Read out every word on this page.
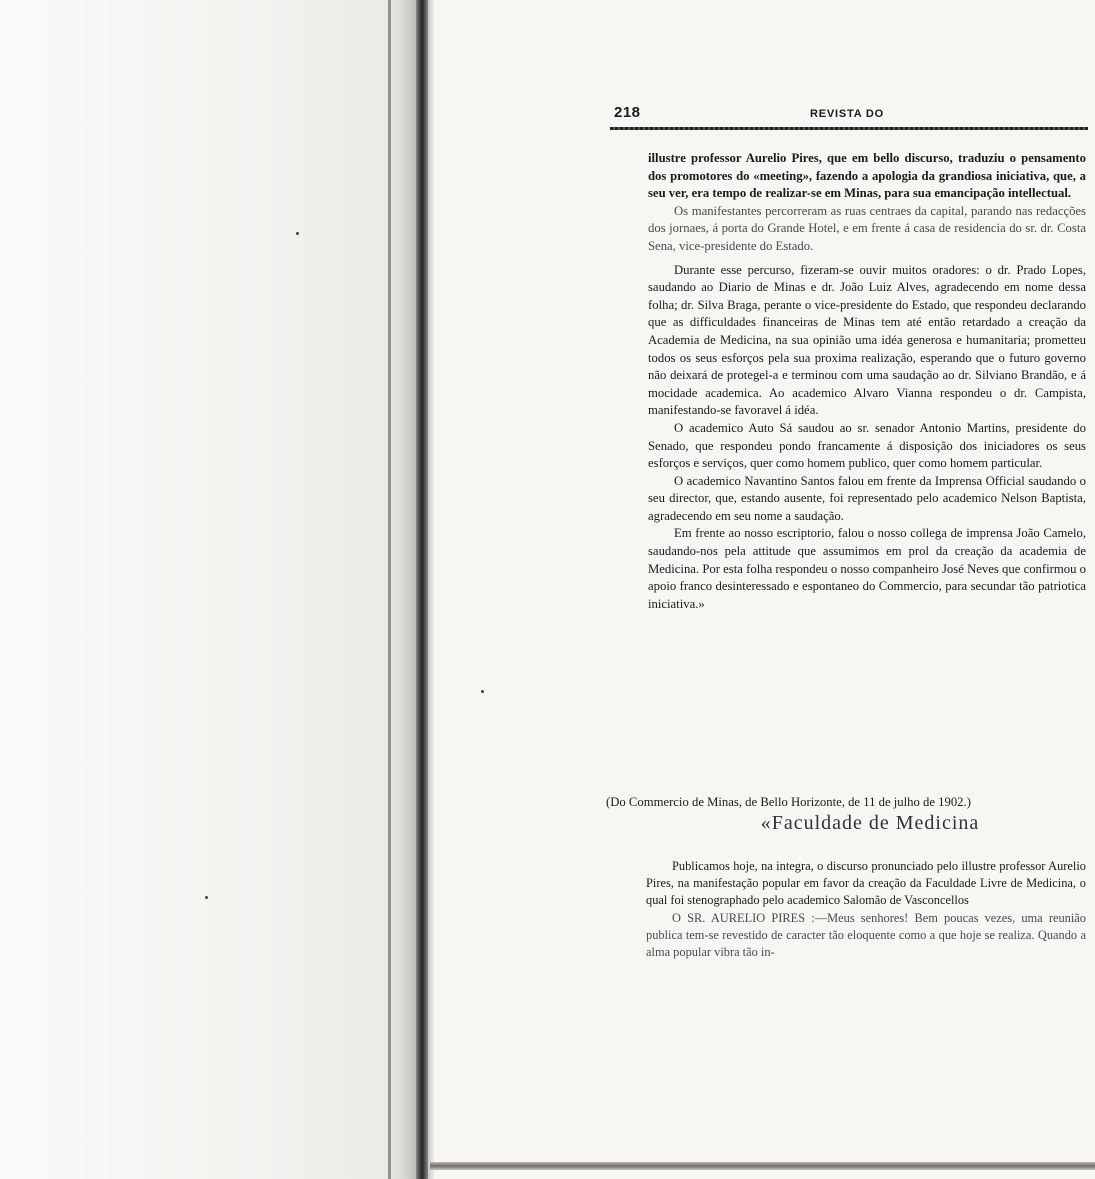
218	REVISTA DO

illustre professor Aurelio Pires, que em bello discurso, traduziu o pensamento dos promotores do «meeting», fazendo a apologia da grandiosa iniciativa, que, a seu ver, era tempo de realizar-se em Minas, para sua emancipação intellectual.

Os manifestantes percorreram as ruas centraes da capital, parando nas redacções dos jornaes, á porta do Grande Hotel, e em frente á casa de residencia do sr. dr. Costa Sena, vice-presidente do Estado.

Durante esse percurso, fizeram-se ouvir muitos oradores: o dr. Prado Lopes, saudando ao Diario de Minas e dr. João Luiz Alves, agradecendo em nome dessa folha; dr. Silva Braga, perante o vice-presidente do Estado, que respondeu declarando que as difficuldades financeiras de Minas tem até então retardado a creação da Academia de Medicina, na sua opinião uma idéa generosa e humanitaria; prometteu todos os seus esforços pela sua proxima realização, esperando que o futuro governo não deixará de protegel-a e terminou com uma saudação ao dr. Silviano Brandão, e á mocidade academica. Ao academico Alvaro Vianna respondeu o dr. Campista, manifestando-se favoravel á idéa.

O academico Auto Sá saudou ao sr. senador Antonio Martins, presidente do Senado, que respondeu pondo francamente á disposição dos iniciadores os seus esforços e serviços, quer como homem publico, quer como homem particular.

O academico Navantino Santos falou em frente da Imprensa Official saudando o seu director, que, estando ausente, foi representado pelo academico Nelson Baptista, agradecendo em seu nome a saudação.

Em frente ao nosso escriptorio, falou o nosso collega de imprensa João Camelo, saudando-nos pela attitude que assumimos em prol da creação da academia de Medicina. Por esta folha respondeu o nosso companheiro José Neves que confirmou o apoio franco desinteressado e espontaneo do Commercio, para secundar tão patriotica iniciativa.»

(Do Commercio de Minas, de Bello Horizonte, de 11 de julho de 1902.)
«Faculdade de Medicina

Publicamos hoje, na integra, o discurso pronunciado pelo illustre professor Aurelio Pires, na manifestação popular em favor da creação da Faculdade Livre de Medicina, o qual foi stenographado pelo academico Salomão de Vasconcellos

O SR. AURELIO PIRES :—Meus senhores! Bem poucas vezes, uma reunião publica tem-se revestido de caracter tão eloquente como a que hoje se realiza. Quando a alma popular vibra tão in-
